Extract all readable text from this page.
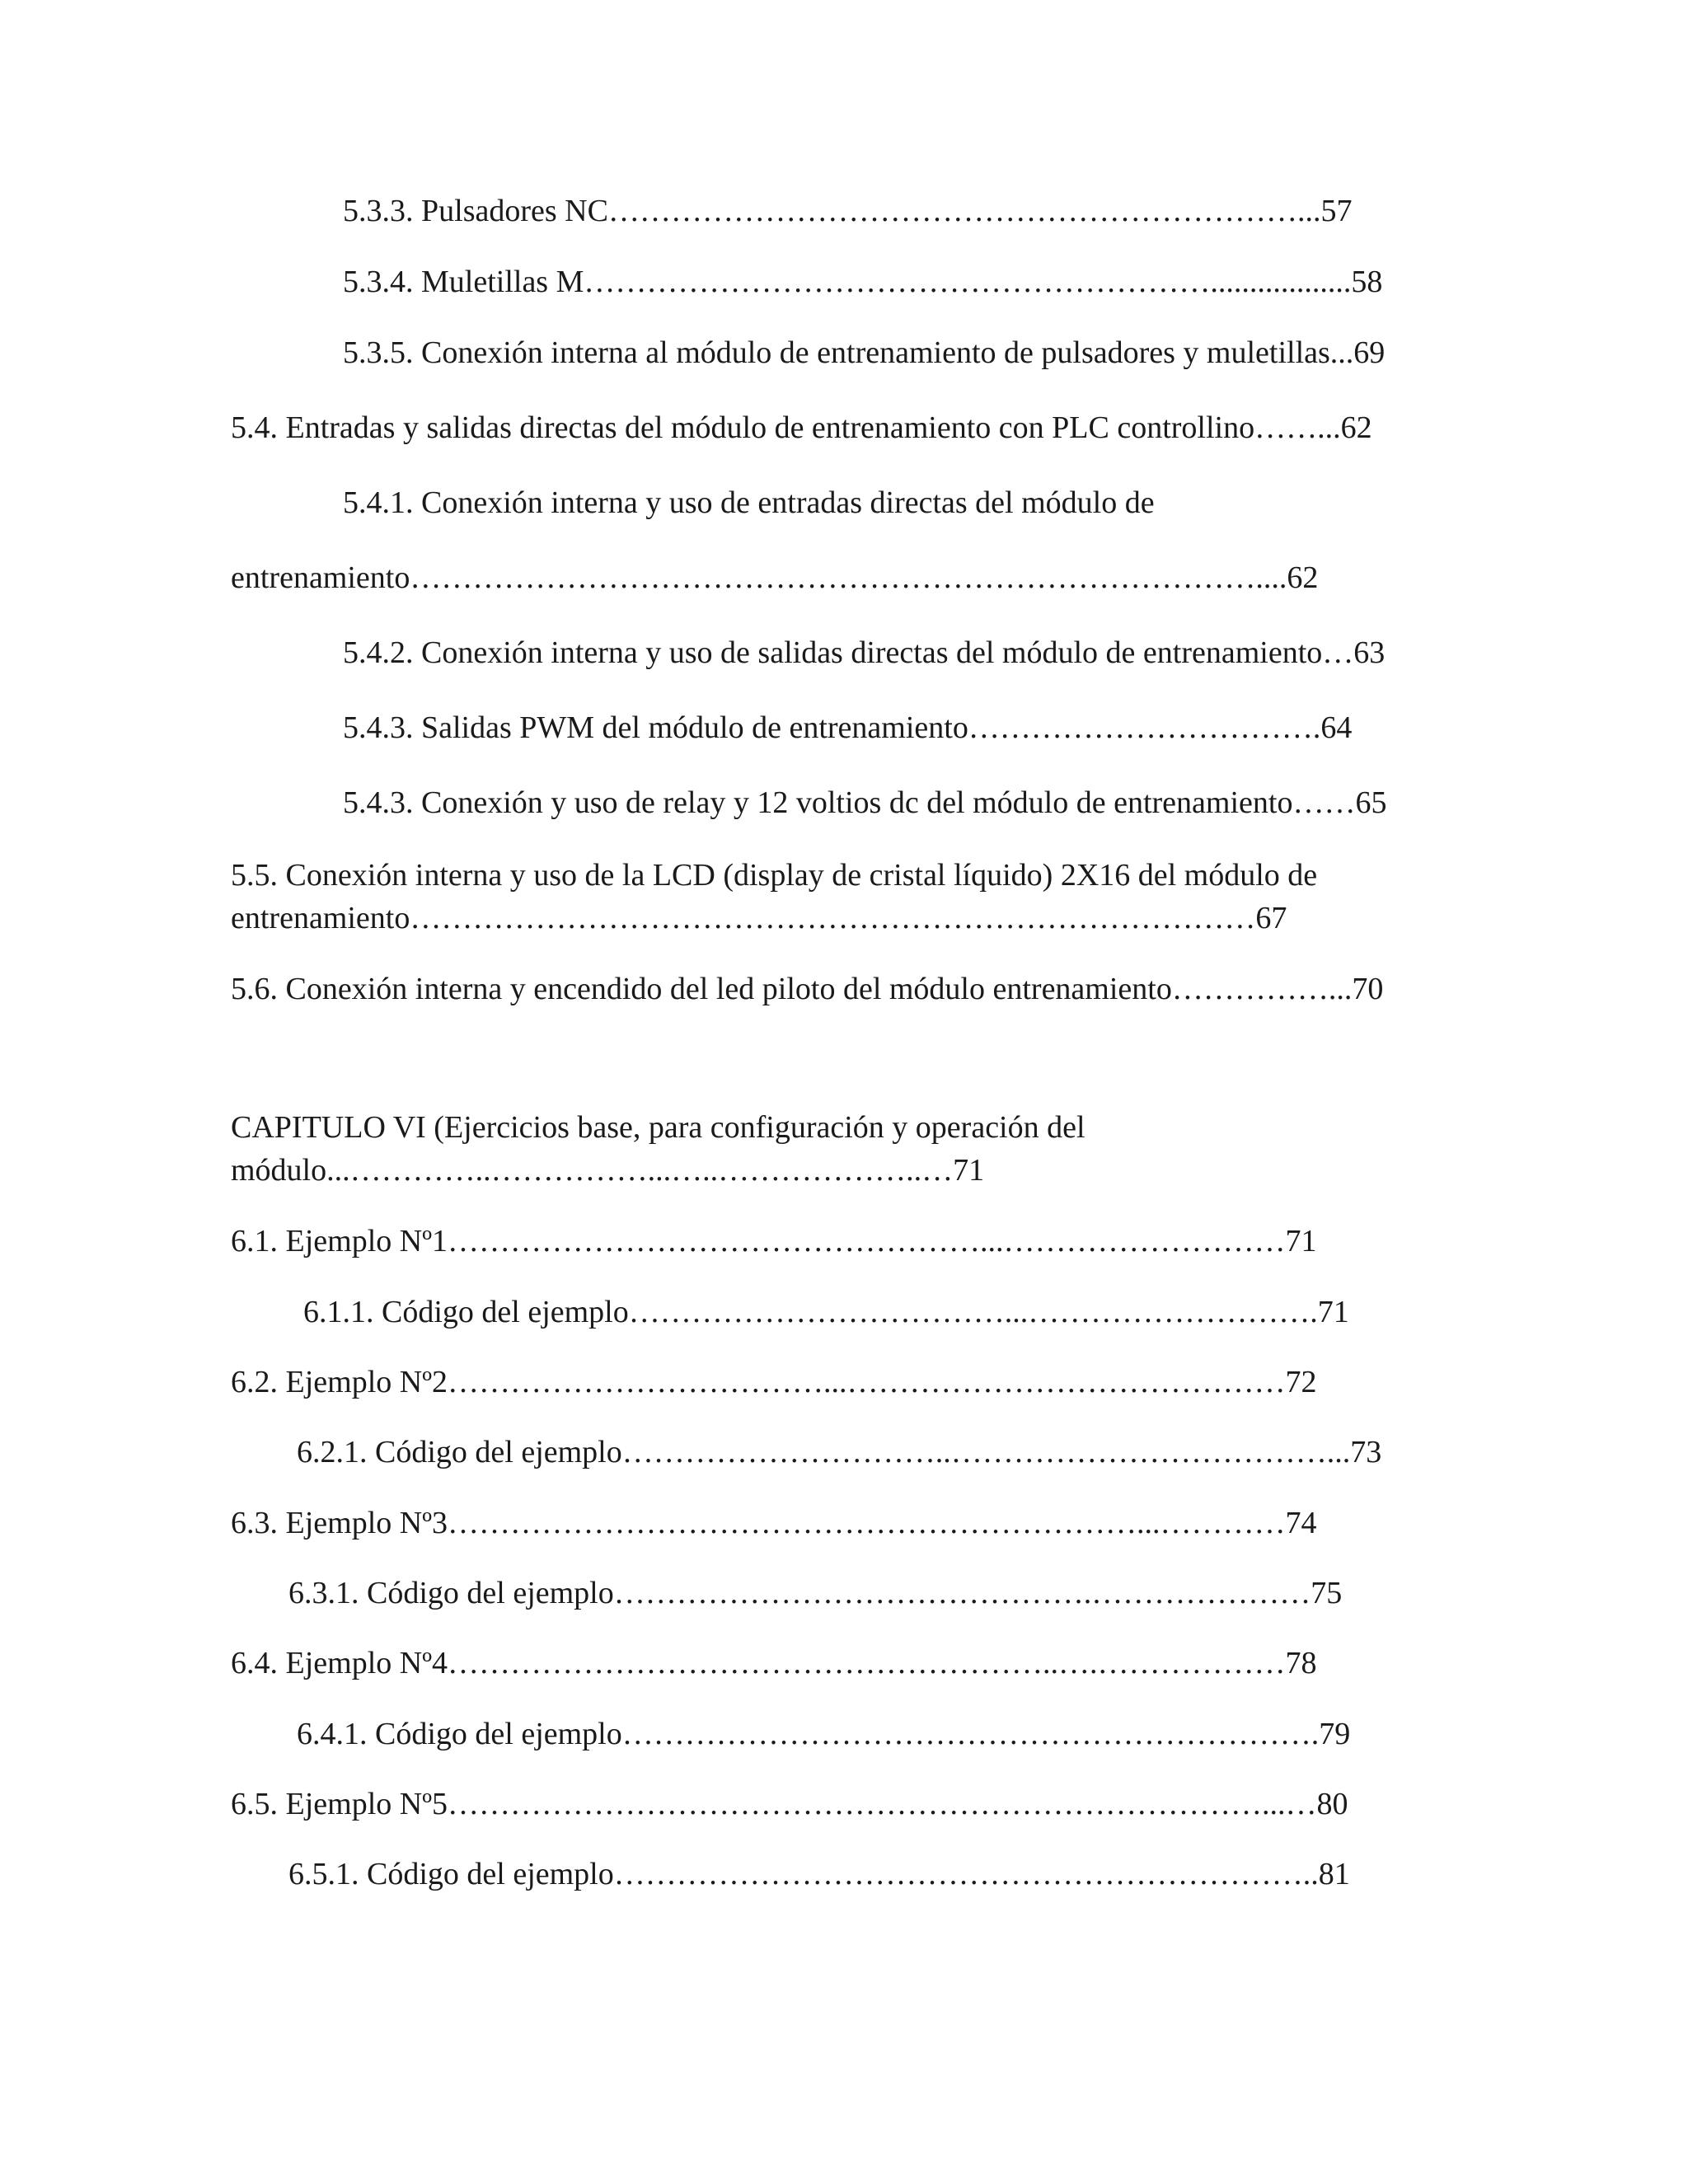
5.3.3. Pulsadores NC…………………………………………………………...57
5.3.4. Muletillas M……………………………………………………..................58
5.3.5. Conexión interna al módulo de entrenamiento de pulsadores y muletillas...69
5.4. Entradas y salidas directas del módulo de entrenamiento con PLC controllino……...62
5.4.1. Conexión interna y uso de entradas directas del módulo de
entrenamiento………………………………………………………………………....62
5.4.2. Conexión interna y uso de salidas directas del módulo de entrenamiento…63
5.4.3. Salidas PWM del módulo de entrenamiento…………………………….64
5.4.3. Conexión y uso de relay y 12 voltios dc del módulo de entrenamiento……65
5.5. Conexión interna y uso de la LCD (display de cristal líquido) 2X16 del módulo de
entrenamiento………………………………………………………………………67
5.6. Conexión interna y encendido del led piloto del módulo entrenamiento……………...70
CAPITULO VI (Ejercicios base, para configuración y operación del
módulo...…………..……………...…..………………..…71
6.1. Ejemplo Nº1……………………………………………...………………………71
6.1.1. Código del ejemplo………………………………...……………………….71
6.2. Ejemplo Nº2………………………………...……………………………………72
6.2.1. Código del ejemplo…………………………..………………………………...73
6.3. Ejemplo Nº3…………………………………………………………...…………74
6.3.1. Código del ejemplo……………………………………….…………………75
6.4. Ejemplo Nº4…………………………………………………..….………………78
6.4.1. Código del ejemplo………………………………………………………….79
6.5. Ejemplo Nº5……………………………………………………………………...…80
6.5.1. Código del ejemplo…………………………………………………………..81
